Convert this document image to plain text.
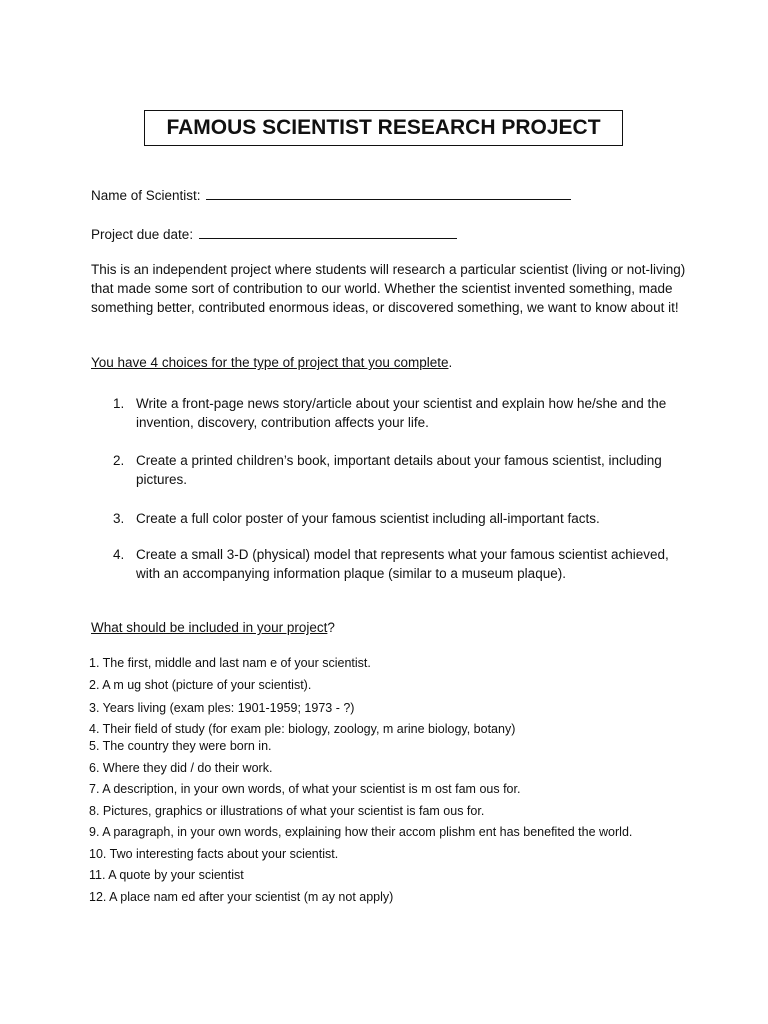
FAMOUS SCIENTIST RESEARCH PROJECT
Name of Scientist:
Project due date:
This is an independent project where students will research a particular scientist (living or not-living) that made some sort of contribution to our world. Whether the scientist invented something, made something better, contributed enormous ideas, or discovered something, we want to know about it!
You have 4 choices for the type of project that you complete.
1. Write a front-page news story/article about your scientist and explain how he/she and the invention, discovery, contribution affects your life.
2. Create a printed children’s book, important details about your famous scientist, including pictures.
3. Create a full color poster of your famous scientist including all-important facts.
4. Create a small 3-D (physical) model that represents what your famous scientist achieved, with an accompanying information plaque (similar to a museum plaque).
What should be included in your project?
1. The first, middle and last nam e of your scientist.
2. A m ug shot (picture of your scientist).
3. Years living (exam ples: 1901-1959; 1973 - ?)
4. Their field of study (for exam ple: biology, zoology, m arine biology, botany)
5. The country they were born in.
6. Where they did / do their work.
7. A description, in your own words, of what your scientist is m ost fam ous for.
8. Pictures, graphics or illustrations of what your scientist is fam ous for.
9. A paragraph, in your own words, explaining how their accom plishm ent has benefited the world.
10. Two interesting facts about your scientist.
11. A quote by your scientist
12. A place nam ed after your scientist (m ay not apply)
